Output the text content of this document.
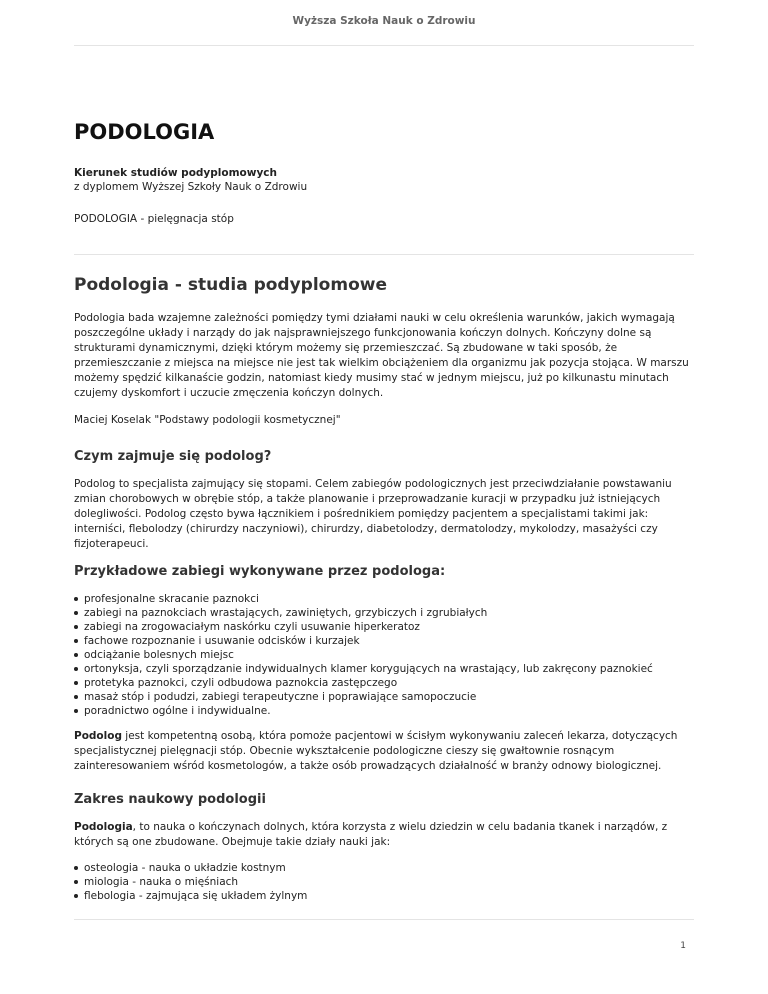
Wyższa Szkoła Nauk o Zdrowiu
PODOLOGIA
Kierunek studiów podyplomowych
z dyplomem Wyższej Szkoły Nauk o Zdrowiu
PODOLOGIA - pielęgnacja stóp
Podologia - studia podyplomowe

Podologia bada wzajemne zależności pomiędzy tymi działami nauki w celu określenia warunków, jakich wymagają poszczególne układy i narządy do jak najsprawniejszego funkcjonowania kończyn dolnych. Kończyny dolne są strukturami dynamicznymi, dzięki którym możemy się przemieszczać. Są zbudowane w taki sposób, że przemieszczanie z miejsca na miejsce nie jest tak wielkim obciążeniem dla organizmu jak pozycja stojąca. W marszu możemy spędzić kilkanaście godzin, natomiast kiedy musimy stać w jednym miejscu, już po kilkunastu minutach czujemy dyskomfort i uczucie zmęczenia kończyn dolnych.

Maciej Koselak "Podstawy podologii kosmetycznej"

Czym zajmuje się podolog?

Podolog to specjalista zajmujący się stopami. Celem zabiegów podologicznych jest przeciwdziałanie powstawaniu zmian chorobowych w obrębie stóp, a także planowanie i przeprowadzanie kuracji w przypadku już istniejących dolegliwości. Podolog często bywa łącznikiem i pośrednikiem pomiędzy pacjentem a specjalistami takimi jak: interniści, flebolodzy (chirurdzy naczyniowi), chirurdzy, diabetolodzy, dermatolodzy, mykolodzy, masażyści czy fizjoterapeuci.

Przykładowe zabiegi wykonywane przez podologa:
profesjonalne skracanie paznokci
zabiegi na paznokciach wrastających, zawiniętych, grzybiczych i zgrubiałych
zabiegi na zrogowaciałym naskórku czyli usuwanie hiperkeratoz
fachowe rozpoznanie i usuwanie odcisków i kurzajek
odciążanie bolesnych miejsc
ortonyksja, czyli sporządzanie indywidualnych klamer korygujących na wrastający, lub zakręcony paznokieć
protetyka paznokci, czyli odbudowa paznokcia zastępczego
masaż stóp i podudzi, zabiegi terapeutyczne i poprawiające samopoczucie
poradnictwo ogólne i indywidualne.

Podolog jest kompetentną osobą, która pomoże pacjentowi w ścisłym wykonywaniu zaleceń lekarza, dotyczących specjalistycznej pielęgnacji stóp. Obecnie wykształcenie podologiczne cieszy się gwałtownie rosnącym zainteresowaniem wśród kosmetologów, a także osób prowadzących działalność w branży odnowy biologicznej.

Zakres naukowy podologii

Podologia, to nauka o kończynach dolnych, która korzysta z wielu dziedzin w celu badania tkanek i narządów, z których są one zbudowane. Obejmuje takie działy nauki jak:

osteologia - nauka o układzie kostnym
miologia - nauka o mięśniach
flebologia - zajmująca się układem żylnym
1
